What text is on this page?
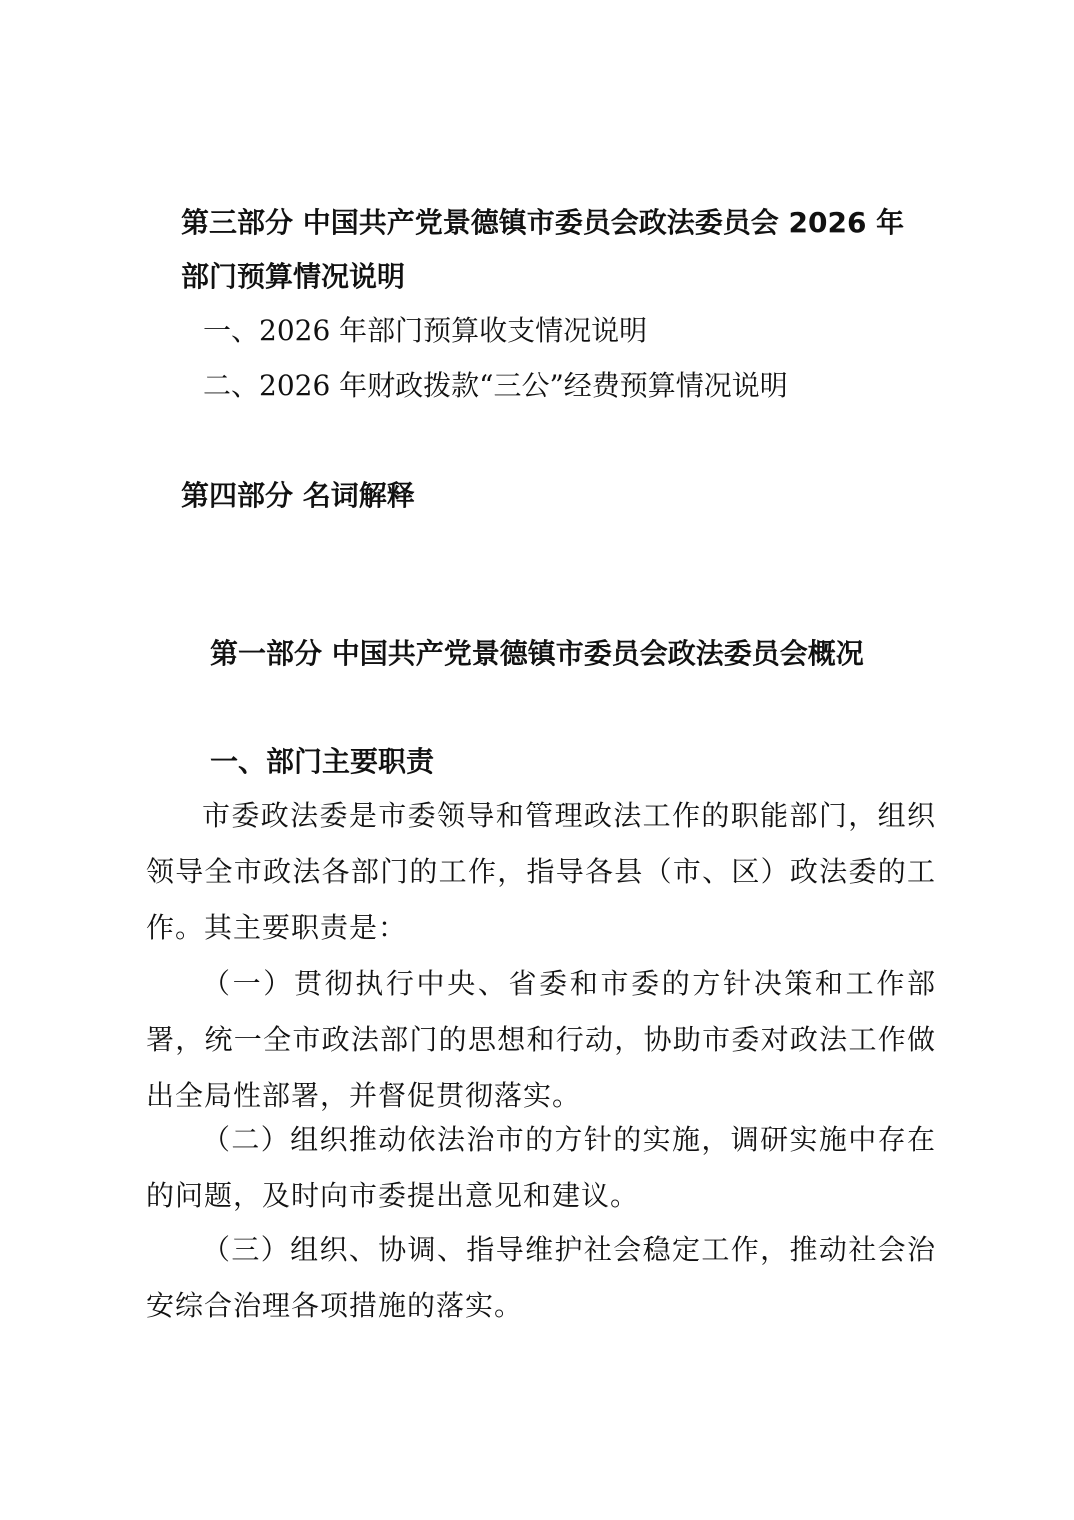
第三部分 中国共产党景德镇市委员会政法委员会 2026 年
部门预算情况说明
一、2026 年部门预算收支情况说明
二、2026 年财政拨款“三公”经费预算情况说明
第四部分 名词解释
第一部分 中国共产党景德镇市委员会政法委员会概况
一、部门主要职责

市委政法委是市委领导和管理政法工作的职能部门，组织领导全市政法各部门的工作，指导各县（市、区）政法委的工作。其主要职责是：

（一）贯彻执行中央、省委和市委的方针决策和工作部署，统一全市政法部门的思想和行动，协助市委对政法工作做出全局性部署，并督促贯彻落实。

（二）组织推动依法治市的方针的实施，调研实施中存在的问题，及时向市委提出意见和建议。

（三）组织、协调、指导维护社会稳定工作，推动社会治安综合治理各项措施的落实。
